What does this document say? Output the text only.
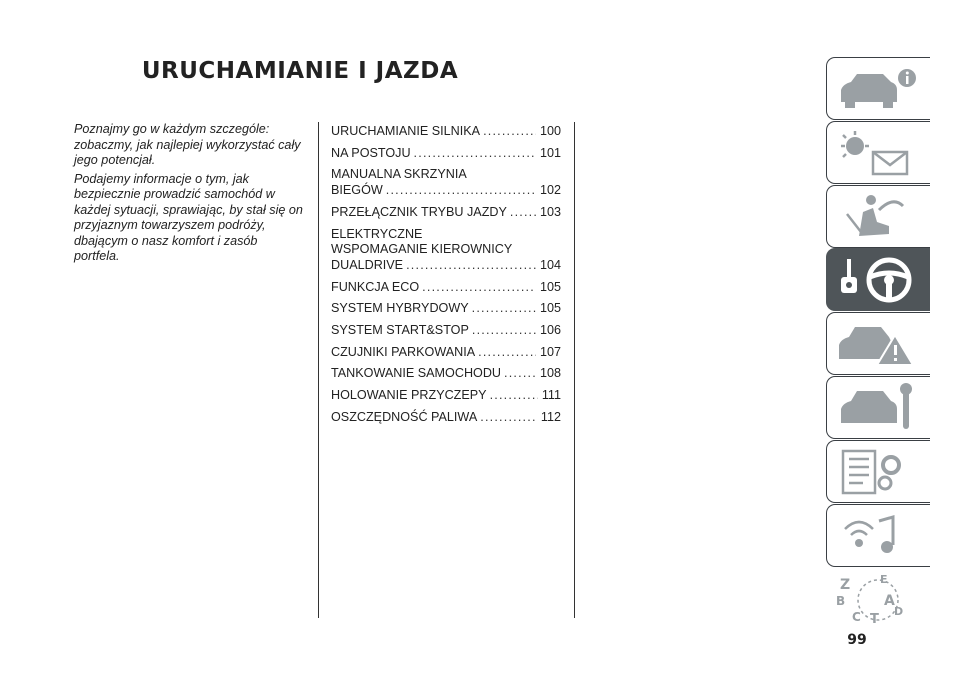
URUCHAMIANIE I JAZDA

Poznajmy go w każdym szczególe: zobaczmy, jak najlepiej wykorzystać cały jego potencjał.

Podajemy informacje o tym, jak bezpiecznie prowadzić samochód w każdej sytuacji, sprawiając, by stał się on przyjaznym towarzyszem podróży, dbającym o nasz komfort i zasób portfela.

URUCHAMIANIE SILNIKA .....	100
NA POSTOJU .....	101
MANUALNA SKRZYNIA
BIEGÓW .....	102
PRZEŁĄCZNIK TRYBU JAZDY .....	103
ELEKTRYCZNE
WSPOMAGANIE KIEROWNICY
DUALDRIVE .....	104
FUNKCJA ECO .....	105
SYSTEM HYBRYDOWY .....	105
SYSTEM START&STOP .....	106
CZUJNIKI PARKOWANIA .....	107
TANKOWANIE SAMOCHODU .....	108
HOLOWANIE PRZYCZEPY .....	111
OSZCZĘDNOŚĆ PALIWA .....	112
Z	E
B	A
C T
D
99
